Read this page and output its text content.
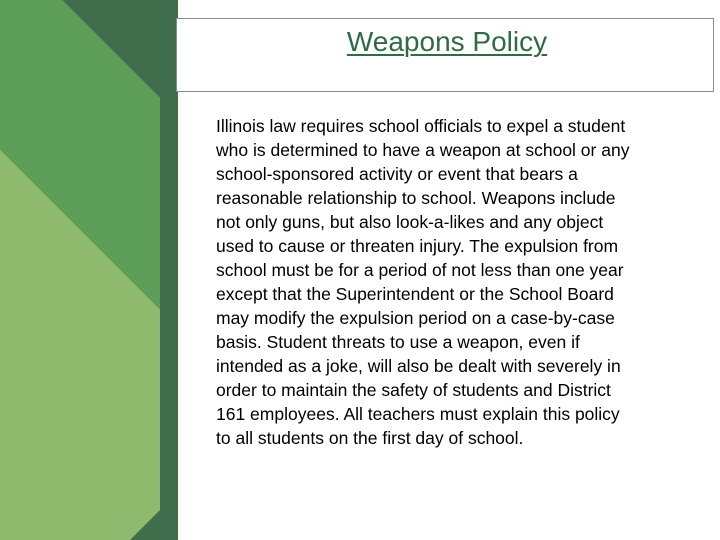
Weapons Policy

Illinois law requires school officials to expel a student
who is determined to have a weapon at school or any
school-sponsored activity or event that bears a
reasonable relationship to school. Weapons include
not only guns, but also look-a-likes and any object
used to cause or threaten injury. The expulsion from
school must be for a period of not less than one year
except that the Superintendent or the School Board
may modify the expulsion period on a case-by-case
basis. Student threats to use a weapon, even if
intended as a joke, will also be dealt with severely in
order to maintain the safety of students and District
161 employees. All teachers must explain this policy
to all students on the first day of school.
